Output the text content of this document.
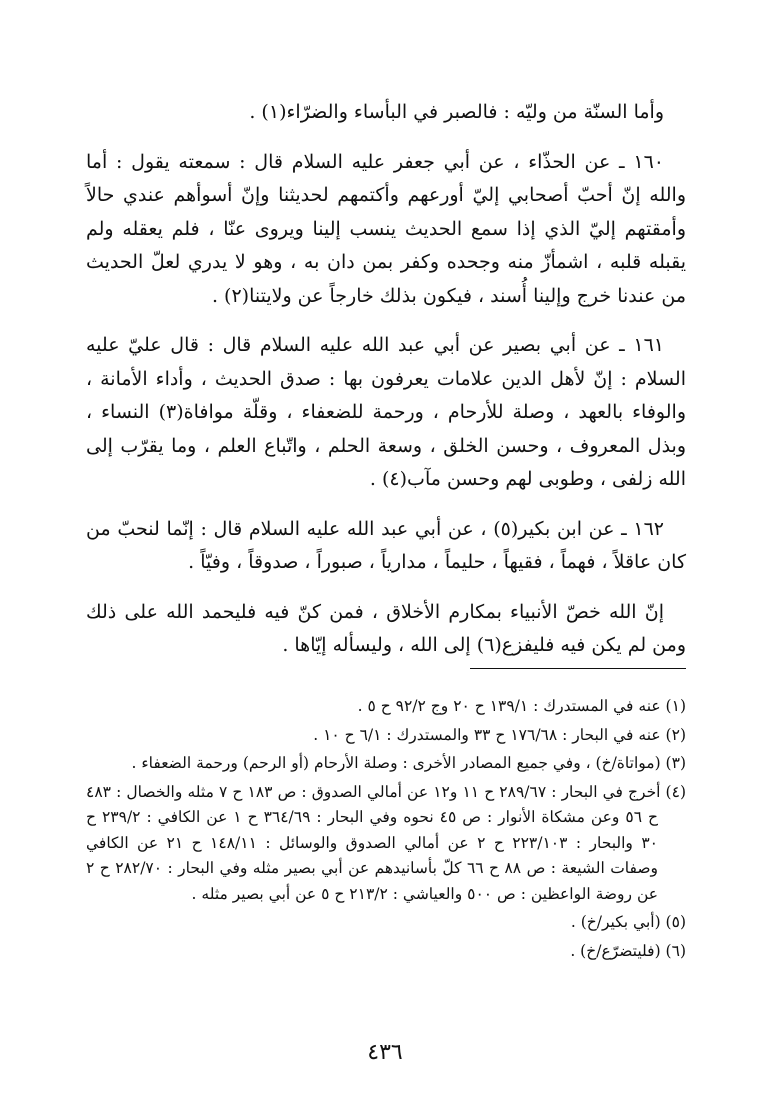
وأما السنّة من وليّه : فالصبر في البأساء والضرّاء(١) .

١٦٠ ـ عن الحذّاء ، عن أبي جعفر عليه السلام قال : سمعته يقول : أما والله إنّ أحبّ أصحابي إليّ أورعهم وأكتمهم لحديثنا وإنّ أسوأهم عندي حالاً وأمقتهم إليّ الذي إذا سمع الحديث ينسب إلينا ويروى عنّا ، فلم يعقله ولم يقبله قلبه ، اشمأزّ منه وجحده وكفر بمن دان به ، وهو لا يدري لعلّ الحديث من عندنا خرج وإلينا أُسند ، فيكون بذلك خارجاً عن ولايتنا(٢) .

١٦١ ـ عن أبي بصير عن أبي عبد الله عليه السلام قال : قال عليّ عليه السلام : إنّ لأهل الدين علامات يعرفون بها : صدق الحديث ، وأداء الأمانة ، والوفاء بالعهد ، وصلة للأرحام ، ورحمة للضعفاء ، وقلّة موافاة(٣) النساء ، وبذل المعروف ، وحسن الخلق ، وسعة الحلم ، واتّباع العلم ، وما يقرّب إلى الله زلفى ، وطوبى لهم وحسن مآب(٤) .

١٦٢ ـ عن ابن بكير(٥) ، عن أبي عبد الله عليه السلام قال : إنّما لنحبّ من كان عاقلاً ، فهماً ، فقيهاً ، حليماً ، مدارياً ، صبوراً ، صدوقاً ، وفيّاً .

إنّ الله خصّ الأنبياء بمكارم الأخلاق ، فمن كنّ فيه فليحمد الله على ذلك ومن لم يكن فيه فليفزع(٦) إلى الله ، وليسأله إيّاها .

(١) عنه في المستدرك : ١٣٩/١ ح ٢٠ وج ٩٢/٢ ح ٥ .

(٢) عنه في البحار : ١٧٦/٦٨ ح ٣٣ والمستدرك : ٦/١ ح ١٠ .

(٣) (مواتاة/خ) ، وفي جميع المصادر الأخرى : وصلة الأرحام (أو الرحم) ورحمة الضعفاء .

(٤) أخرج في البحار : ٢٨٩/٦٧ ح ١١ و١٢ عن أمالي الصدوق : ص ١٨٣ ح ٧ مثله والخصال : ٤٨٣ ح ٥٦ وعن مشكاة الأنوار : ص ٤٥ نحوه وفي البحار : ٣٦٤/٦٩ ح ١ عن الكافي : ٢٣٩/٢ ح ٣٠ والبحار : ٢٢٣/١٠٣ ح ٢ عن أمالي الصدوق والوسائل : ١٤٨/١١ ح ٢١ عن الكافي وصفات الشيعة : ص ٨٨ ح ٦٦ كلّ بأسانيدهم عن أبي بصير مثله وفي البحار : ٢٨٢/٧٠ ح ٢ عن روضة الواعظين : ص ٥٠٠ والعياشي : ٢١٣/٢ ح ٥ عن أبي بصير مثله .

(٥) (أبي بكير/خ) .

(٦) (فليتضرّع/خ) .

٤٣٦
